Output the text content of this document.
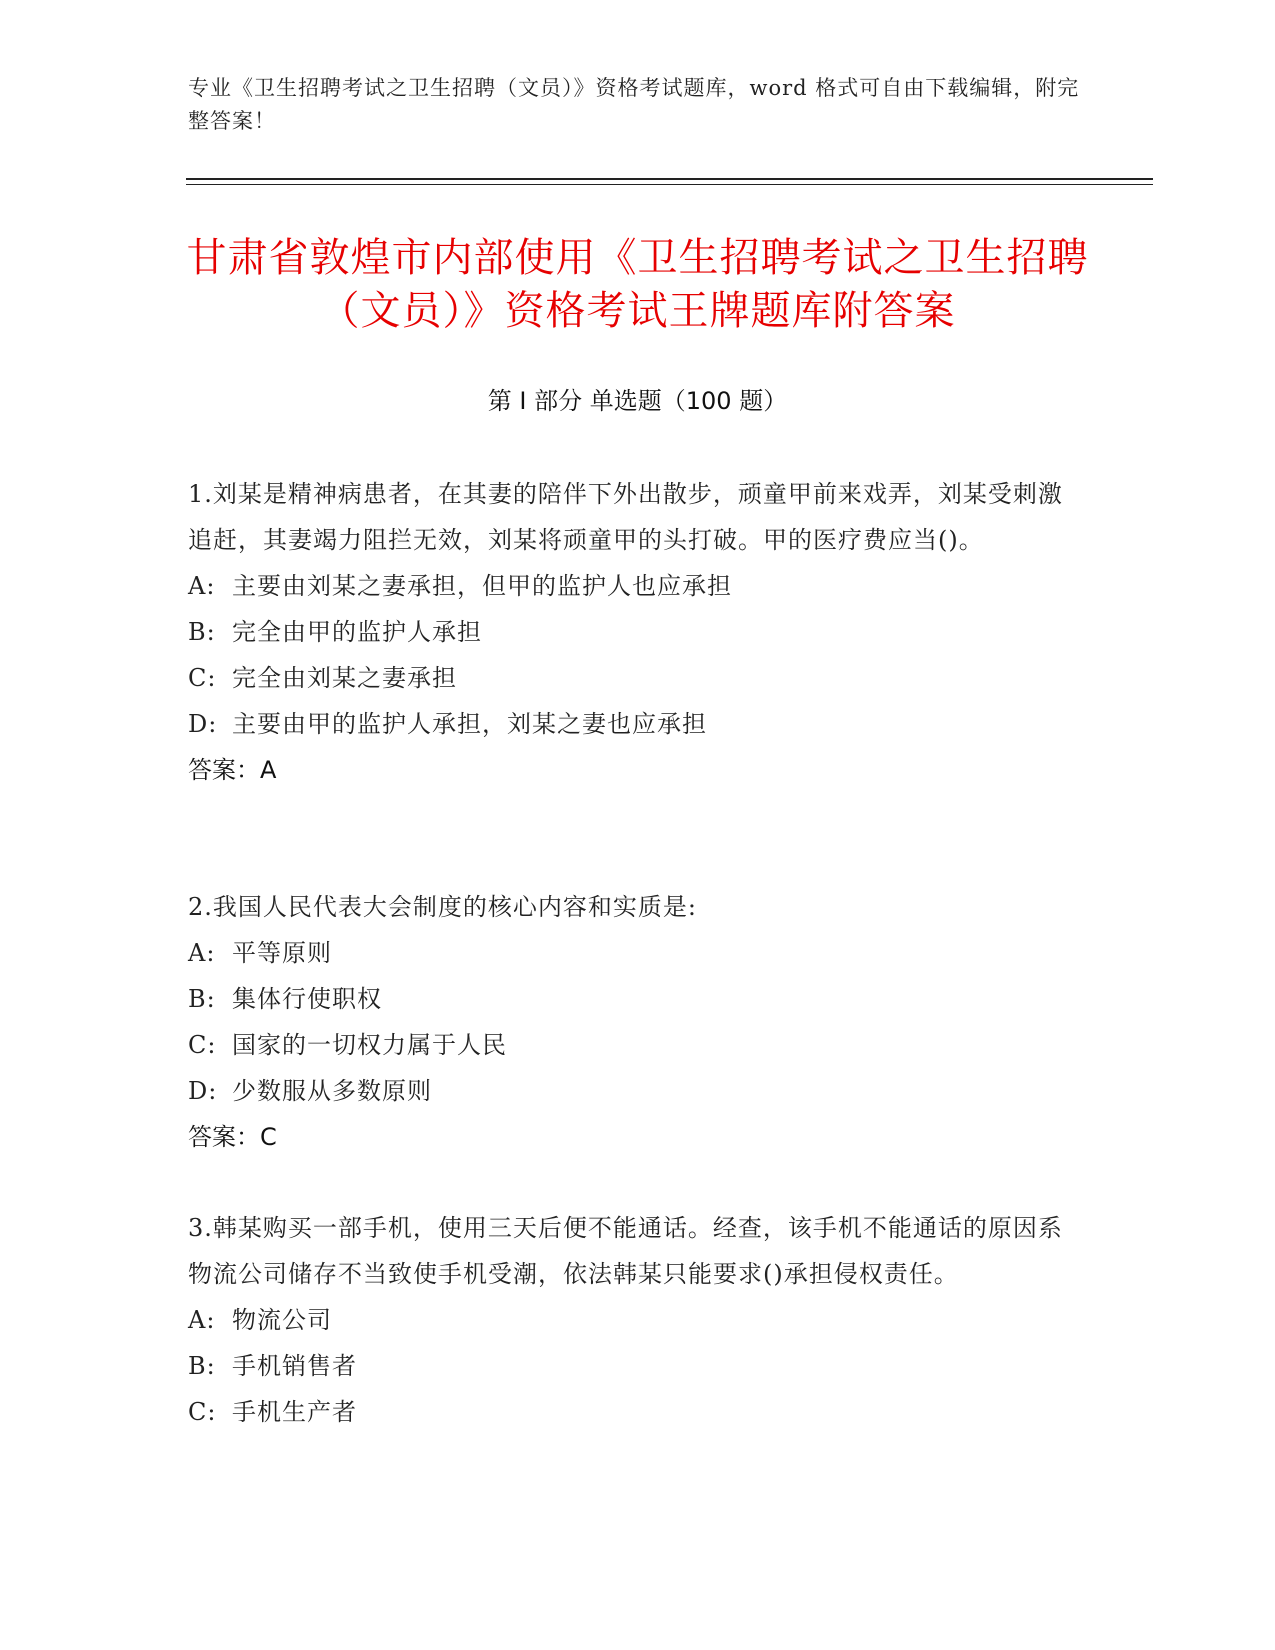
专业《卫生招聘考试之卫生招聘（文员）》资格考试题库，word 格式可自由下载编辑，附完整答案！
甘肃省敦煌市内部使用《卫生招聘考试之卫生招聘（文员）》资格考试王牌题库附答案
第 I 部分 单选题（100 题）
1.刘某是精神病患者，在其妻的陪伴下外出散步，顽童甲前来戏弄，刘某受刺激追赶，其妻竭力阻拦无效，刘某将顽童甲的头打破。甲的医疗费应当()。
A: 主要由刘某之妻承担，但甲的监护人也应承担
B: 完全由甲的监护人承担
C: 完全由刘某之妻承担
D: 主要由甲的监护人承担，刘某之妻也应承担
答案：A
2.我国人民代表大会制度的核心内容和实质是:
A: 平等原则
B: 集体行使职权
C: 国家的一切权力属于人民
D: 少数服从多数原则
答案：C
3.韩某购买一部手机，使用三天后便不能通话。经查，该手机不能通话的原因系物流公司储存不当致使手机受潮，依法韩某只能要求()承担侵权责任。
A: 物流公司
B: 手机销售者
C: 手机生产者
